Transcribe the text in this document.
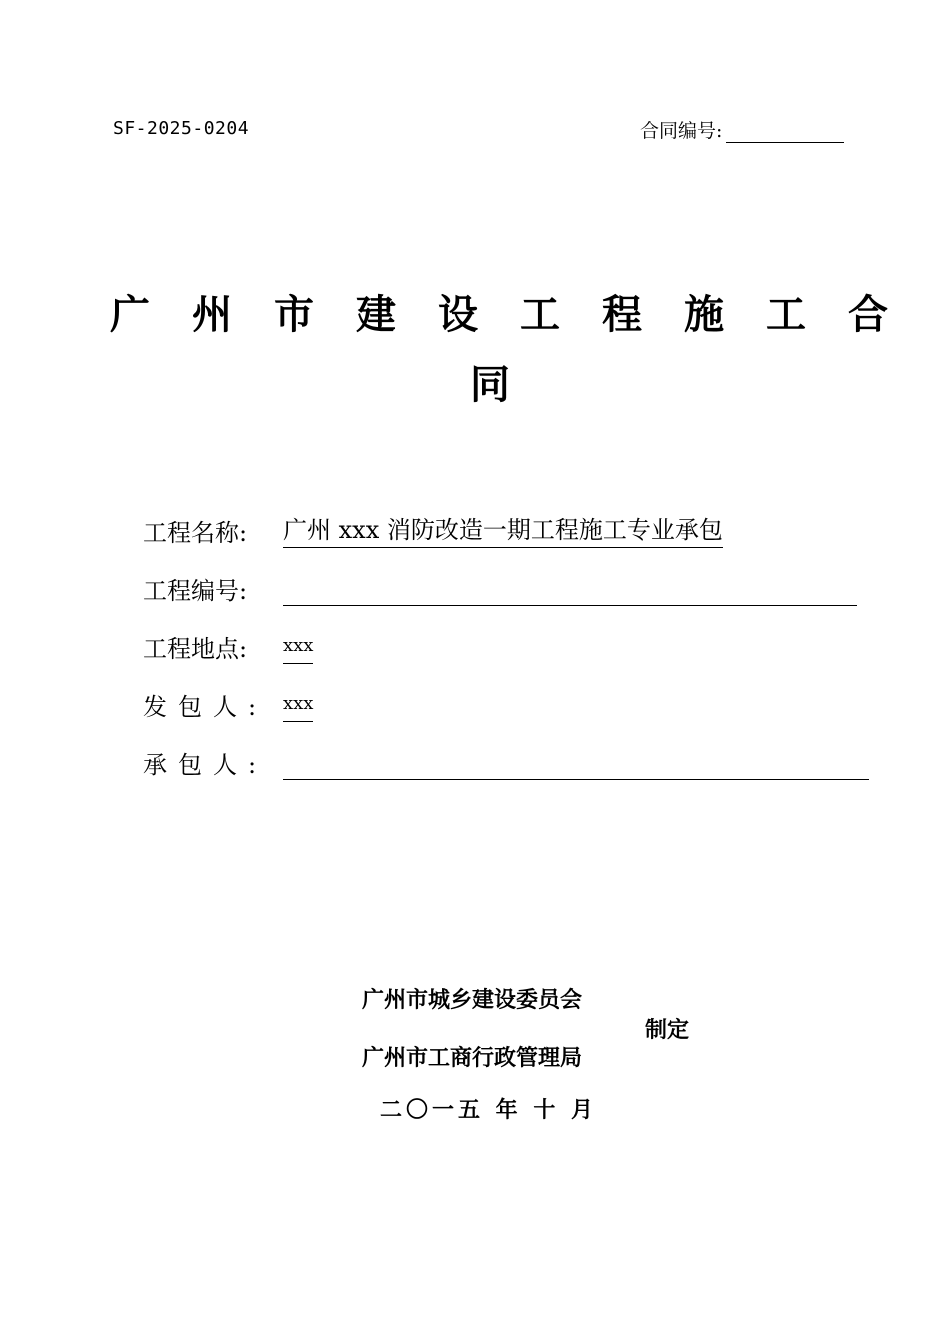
SF-2025-0204	合同编号:
广州市建设工程施工合
同
工程名称:	广州 xxx 消防改造一期工程施工专业承包
工程编号:
工程地点:	xxx
发包人: xxx
承包人:
广州市城乡建设委员会
广州市工商行政管理局
制定
二〇一五 年 十 月
